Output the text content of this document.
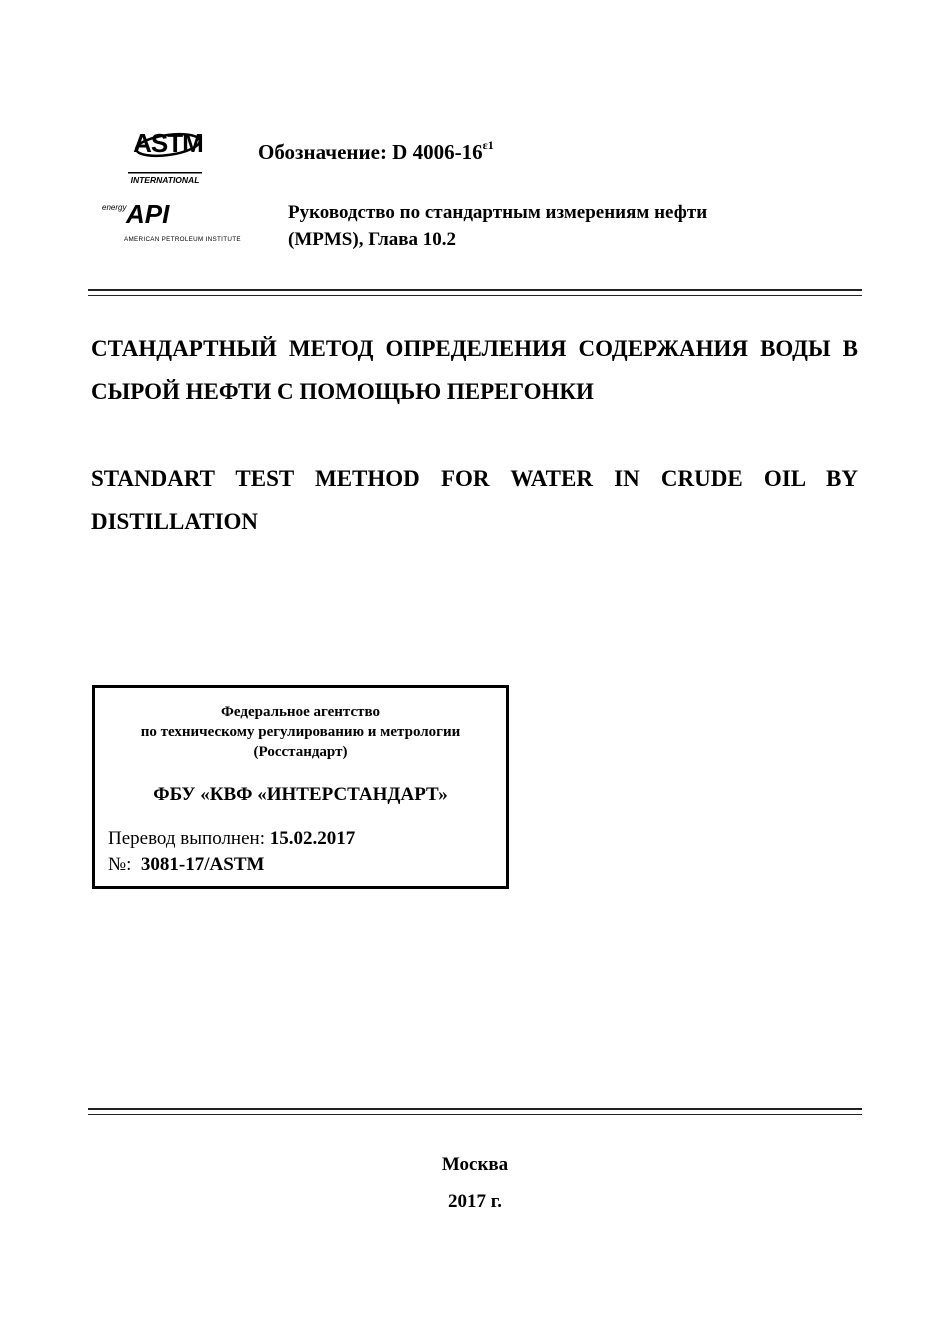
ASTM
INTERNATIONAL
energy API
AMERICAN PETROLEUM INSTITUTE
Обозначение: D $4006-16^{\varepsilon 1}$
Руководство по стандартным измерениям нефти
(MPMS), Глава 10.2
СТАНДАРТНЫЙ МЕТОД ОПРЕДЕЛЕНИЯ СОДЕРЖАНИЯ ВОДЫ В СЫРОЙ НЕФТИ С ПОМОЩЬЮ ПЕРЕГОНКИ
STANDART TEST METHOD FOR WATER IN CRUDE OIL BY DISTILLATION
Федеральное агентство
по техническому регулированию и метрологии
(Росстандарт)
ФБУ «КВФ «ИНТЕРСТАНДАРТ»
Перевод выполнен: 15.02.2017
№: 3081-17/ASTM
Москва
2017 г.
